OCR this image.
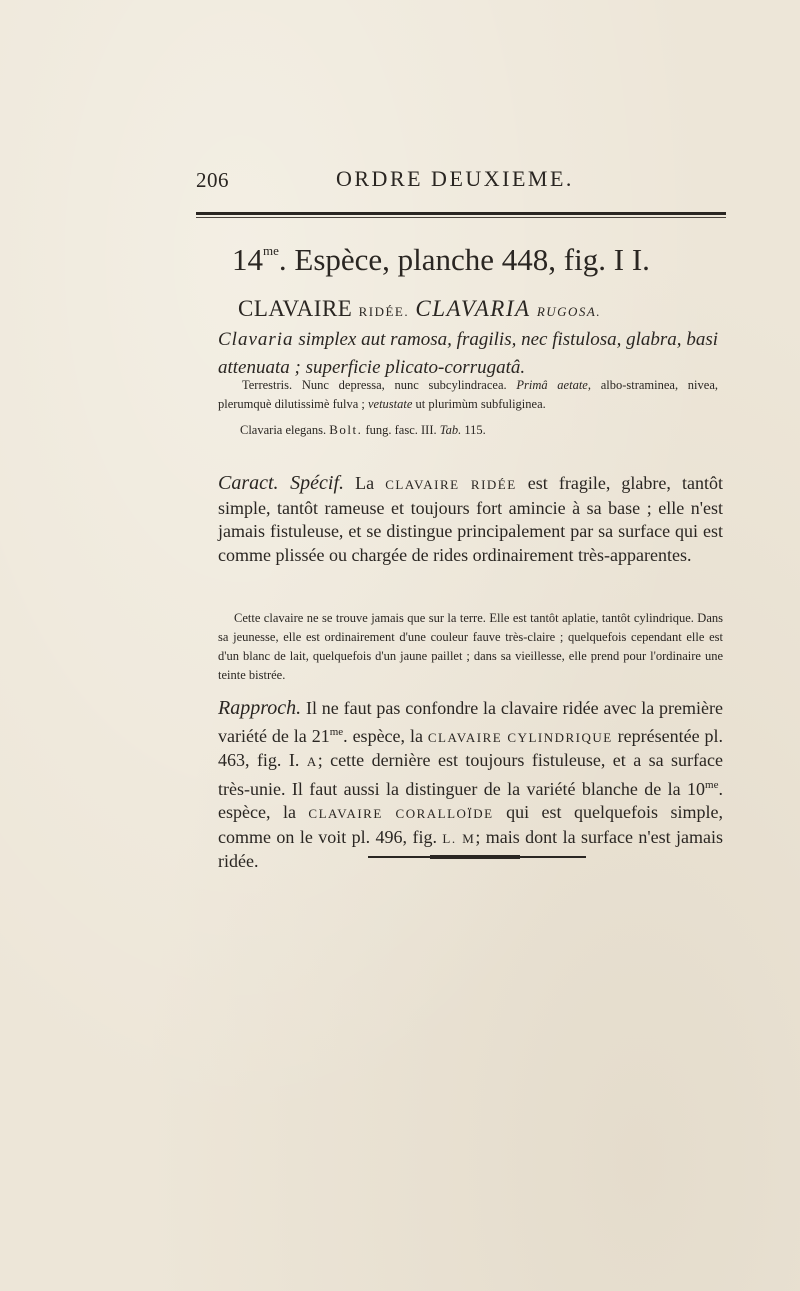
206	ORDRE DEUXIEME.
$14^{me}$. Espèce, planche 448, fig. I I.
CLAVAIRE RIDÉE. CLAVARIA RUGOSA.
Clavaria simplex aut ramosa, fragilis, nec fistulosa, glabra, basi attenuata ; superficie plicato-corrugatâ.
Terrestris. Nunc depressa, nunc subcylindracea. Primâ aetate, albo-straminea, nivea, plerumquè dilutissimè fulva ; vetustate ut plurimùm subfuliginea.
Clavaria elegans. Bolt. fung. fasc. III. Tab. 115.
Caract. Spécif. La CLAVAIRE RIDÉE est fragile, glabre, tantôt simple, tantôt rameuse et toujours fort amincie à sa base ; elle n'est jamais fistuleuse, et se distingue principalement par sa surface qui est comme plissée ou chargée de rides ordinairement très-apparentes.
Cette clavaire ne se trouve jamais que sur la terre. Elle est tantôt aplatie, tantôt cylindrique. Dans sa jeunesse, elle est ordinairement d'une couleur fauve très-claire ; quelquefois cependant elle est d'un blanc de lait, quelquefois d'un jaune paillet ; dans sa vieillesse, elle prend pour l'ordinaire une teinte bistrée.
Rapproch. Il ne faut pas confondre la clavaire ridée avec la première variété de la $21^{me}$. espèce, la CLAVAIRE CYLINDRIQUE représentée pl. 463, fig. I. A; cette dernière est toujours fistuleuse, et a sa surface très-unie. Il faut aussi la distinguer de la variété blanche de la $10^{me}$. espèce, la CLAVAIRE CORALLOÏDE qui est quelquefois simple, comme on le voit pl. 496, fig. L. M; mais dont la surface n'est jamais ridée.
